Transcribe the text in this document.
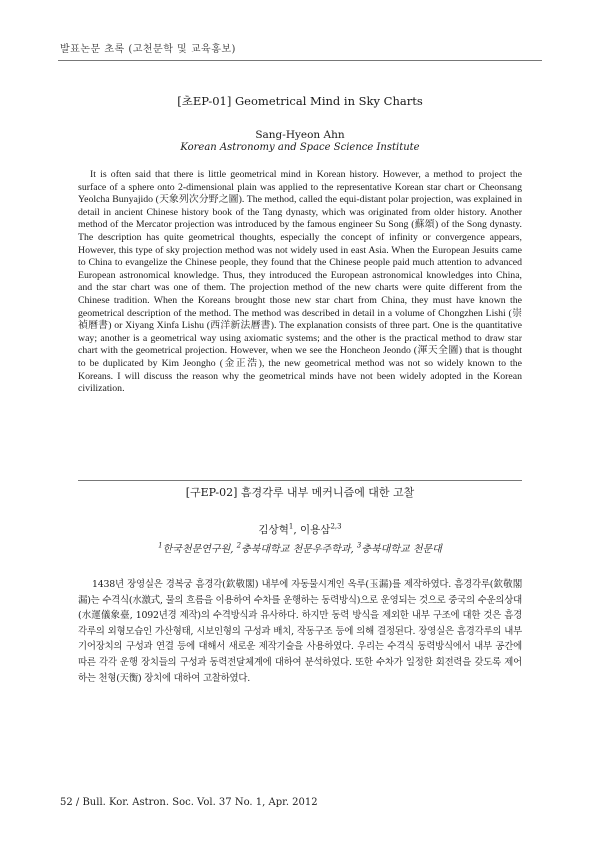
발표논문 초록 (고천문학 및 교육홍보)
[초EP-01] Geometrical Mind in Sky Charts

Sang-Hyeon Ahn

Korean Astronomy and Space Science Institute

It is often said that there is little geometrical mind in Korean history. However, a method to project the surface of a sphere onto 2-dimensional plain was applied to the representative Korean star chart or Cheonsang Yeolcha Bunyajido (天象列次分野之圖). The method, called the equi-distant polar projection, was explained in detail in ancient Chinese history book of the Tang dynasty, which was originated from older history. Another method of the Mercator projection was introduced by the famous engineer Su Song (蘇頌) of the Song dynasty. The description has quite geometrical thoughts, especially the concept of infinity or convergence appears, However, this type of sky projection method was not widely used in east Asia. When the European Jesuits came to China to evangelize the Chinese people, they found that the Chinese people paid much attention to advanced European astronomical knowledge. Thus, they introduced the European astronomical knowledges into China, and the star chart was one of them. The projection method of the new charts were quite different from the Chinese tradition. When the Koreans brought those new star chart from China, they must have known the geometrical description of the method. The method was described in detail in a volume of Chongzhen Lishi (崇禎曆書) or Xiyang Xinfa Lishu (西洋新法曆書). The explanation consists of three part. One is the quantitative way; another is a geometrical way using axiomatic systems; and the other is the practical method to draw star chart with the geometrical projection. However, when we see the Honcheon Jeondo (渾天全圖) that is thought to be duplicated by Kim Jeongho (金正浩), the new geometrical method was not so widely known to the Koreans. I will discuss the reason why the geometrical minds have not been widely adopted in the Korean civilization.

[구EP-02] 흠경각루 내부 메커니즘에 대한 고찰

김상혁$^1$, 이용삼$^{2,3}$

$^1$한국천문연구원, $^2$충북대학교 천문우주학과, $^3$충북대학교 천문대

1438년 장영실은 경복궁 흠경각(欽敬閣) 내부에 자동물시계인 옥루(玉漏)를 제작하였다. 흠경각루(欽敬閣漏)는 수격식(水激式, 물의 흐름을 이용하여 수차를 운행하는 동력방식)으로 운영되는 것으로 중국의 수운의상대(水運儀象臺, 1092년경 제작)의 수격방식과 유사하다. 하지만 동력 방식을 제외한 내부 구조에 대한 것은 흠경각루의 외형모습인 가산형태, 시보인형의 구성과 배치, 작동구조 등에 의해 결정된다. 장영실은 흠경각루의 내부 기어장치의 구성과 연결 등에 대해서 새로운 제작기술을 사용하였다. 우리는 수격식 동력방식에서 내부 공간에 따른 각각 운행 장치들의 구성과 동력전달체계에 대하여 분석하였다. 또한 수차가 일정한 회전력을 갖도록 제어하는 천형(天衡) 장치에 대하여 고찰하였다.

52 / Bull. Kor. Astron. Soc. Vol. 37 No. 1, Apr. 2012
